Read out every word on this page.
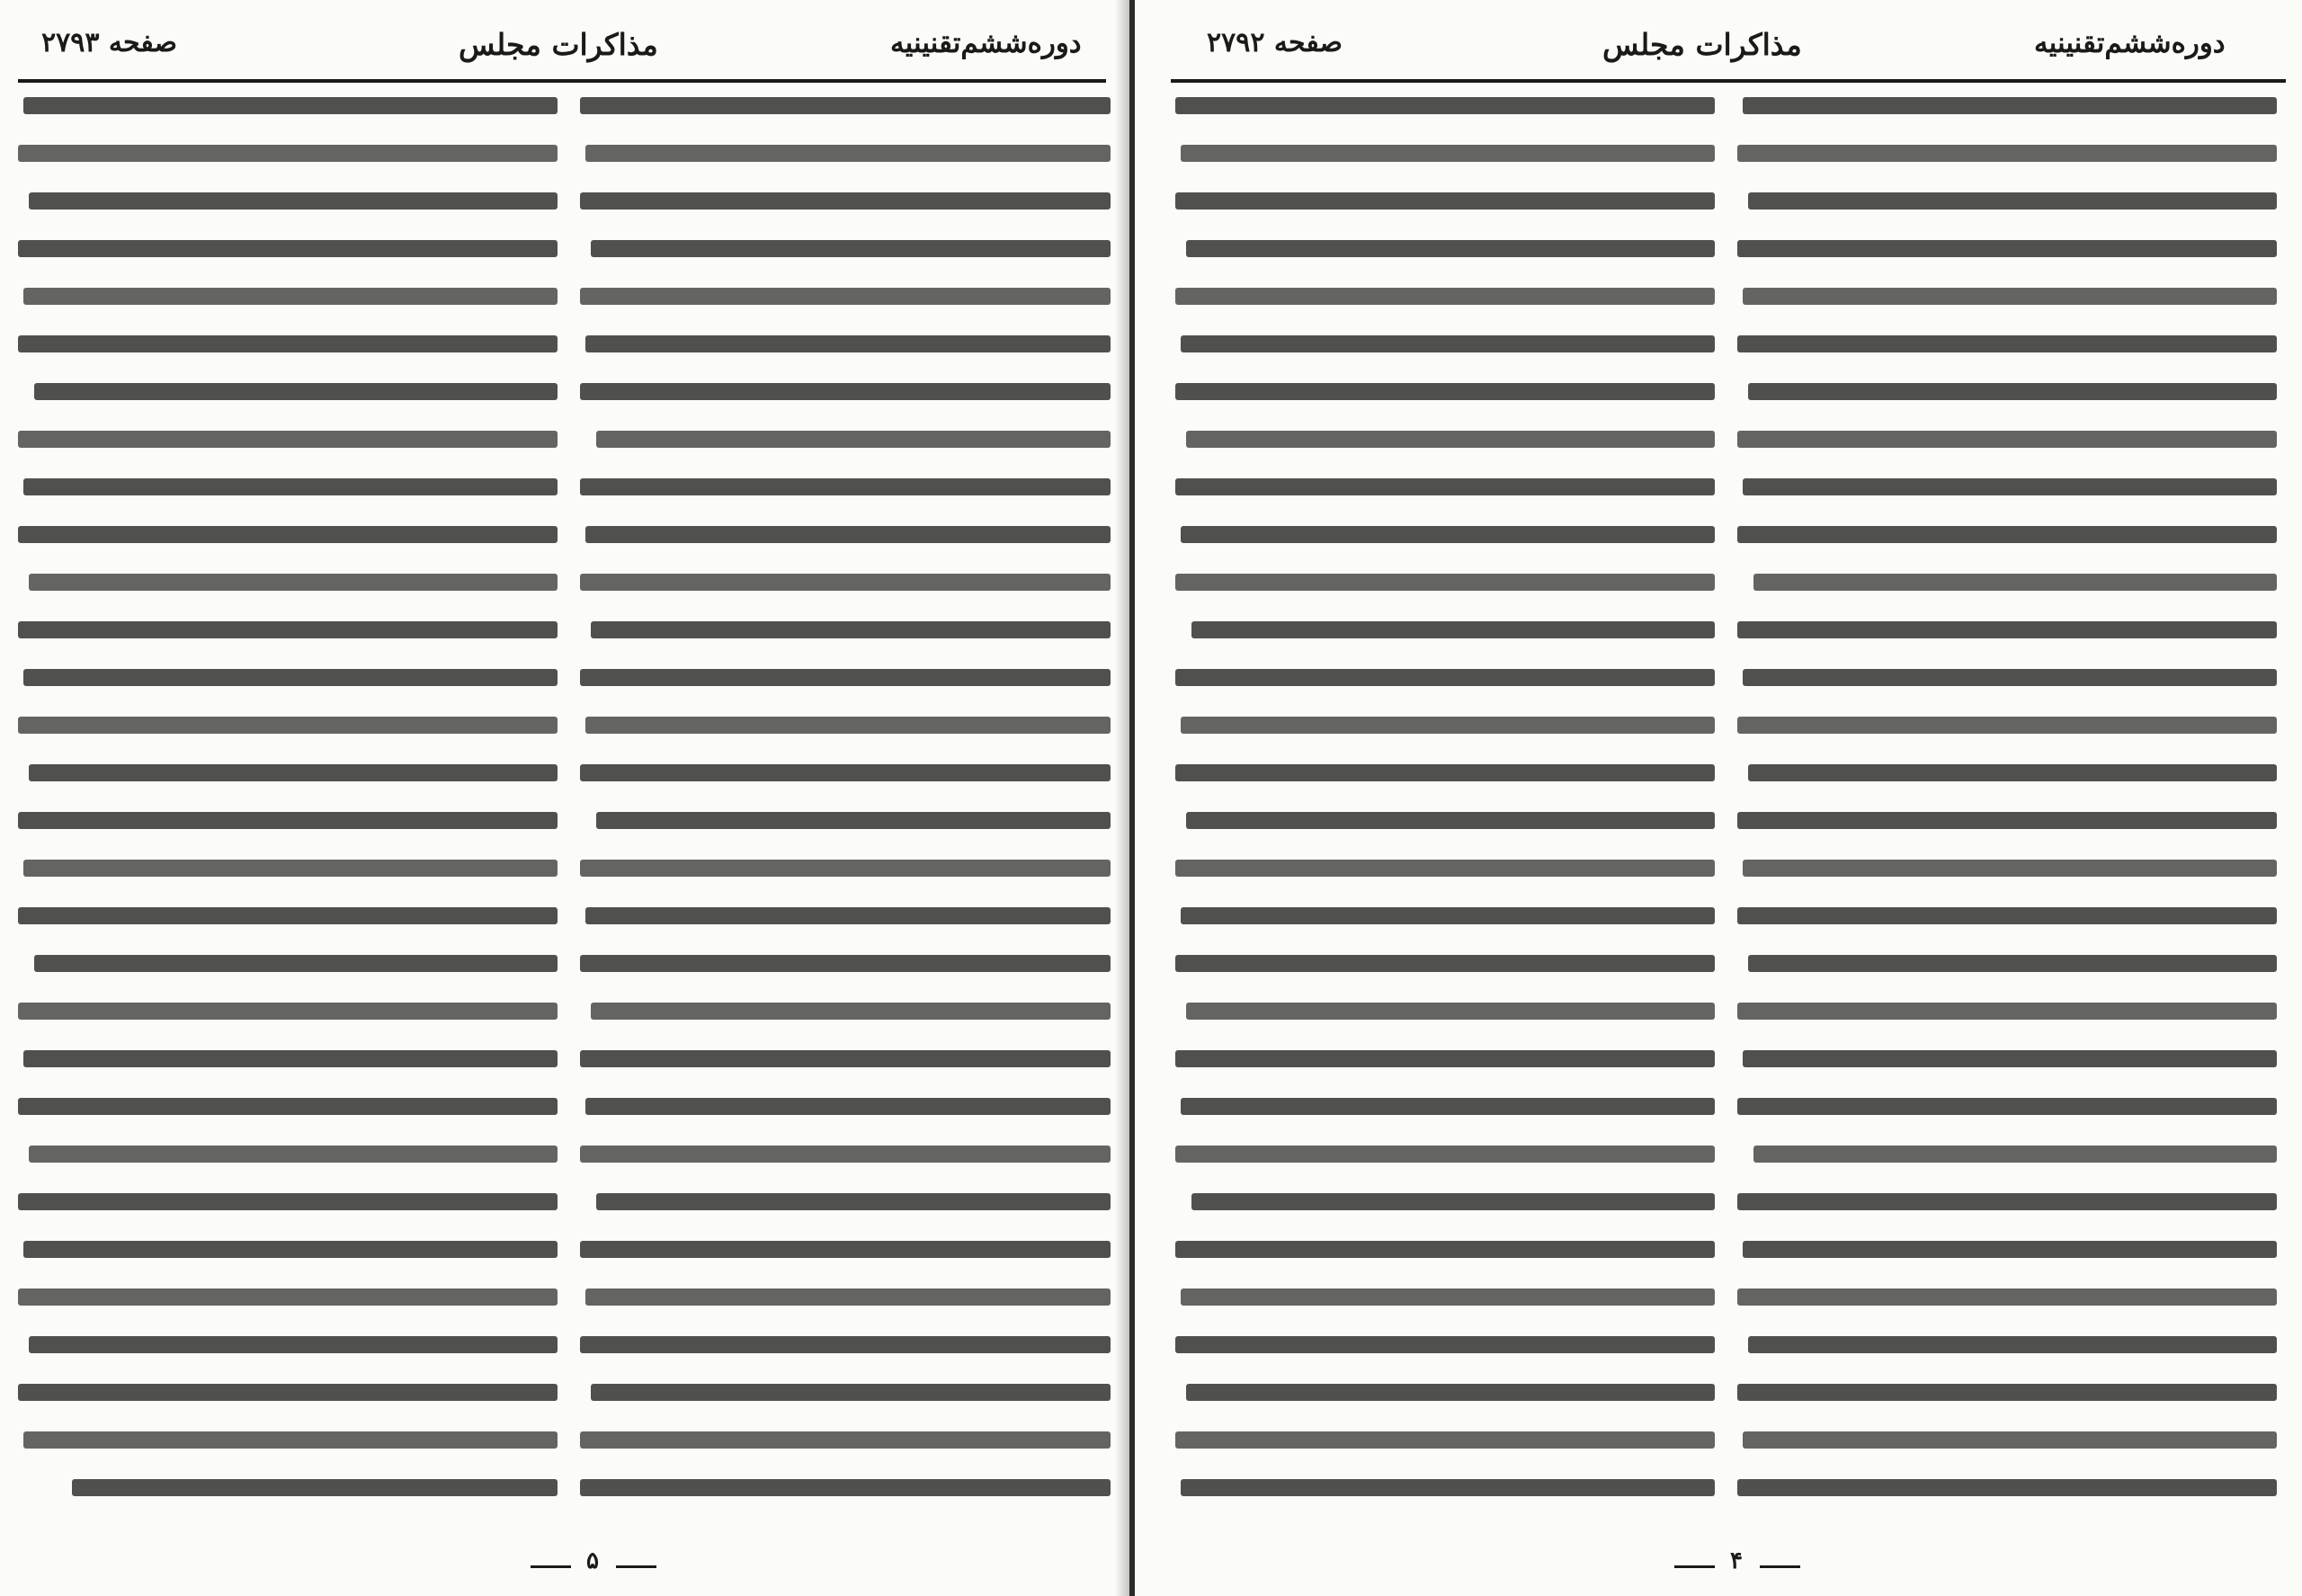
صفحه ۲۷۹۳	مذاکرات مجلس	دوره‌ششم‌تقنینیه
۵
صفحه ۲۷۹۲	مذاکرات مجلس	دوره‌ششم‌تقنینیه
۴
